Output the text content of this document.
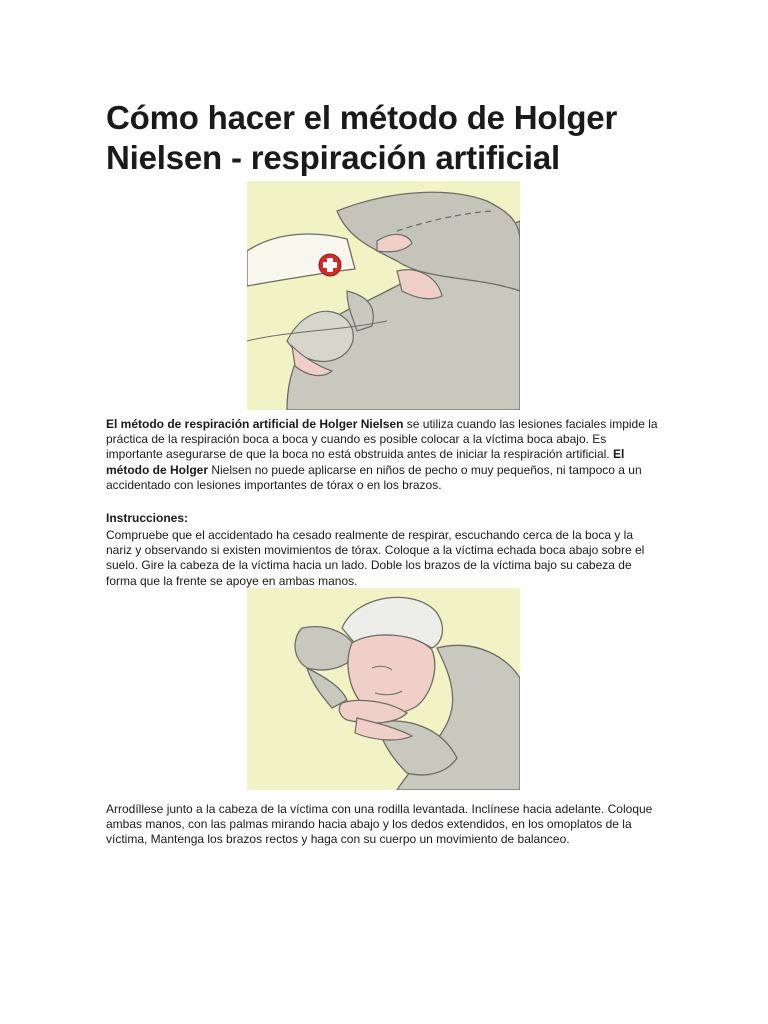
Cómo hacer el método de Holger Nielsen - respiración artificial

El método de respiración artificial de Holger Nielsen se utiliza cuando las lesiones faciales impide la práctica de la respiración boca a boca y cuando es posible colocar a la víctima boca abajo. Es importante asegurarse de que la boca no está obstruida antes de iniciar la respiración artificial. El método de Holger Nielsen no puede aplicarse en niños de pecho o muy pequeños, ni tampoco a un accidentado con lesiones importantes de tórax o en los brazos.

Instrucciones:

Compruebe que el accidentado ha cesado realmente de respirar, escuchando cerca de la boca y la nariz y observando si existen movimientos de tórax. Coloque a la víctima echada boca abajo sobre el suelo. Gire la cabeza de la víctima hacia un lado. Doble los brazos de la víctima bajo su cabeza de forma que la frente se apoye en ambas manos.

Arrodíllese junto a la cabeza de la víctima con una rodilla levantada. Inclínese hacia adelante. Coloque ambas manos, con las palmas mirando hacia abajo y los dedos extendidos, en los omoplatos de la víctima, Mantenga los brazos rectos y haga con su cuerpo un movimiento de balanceo.
